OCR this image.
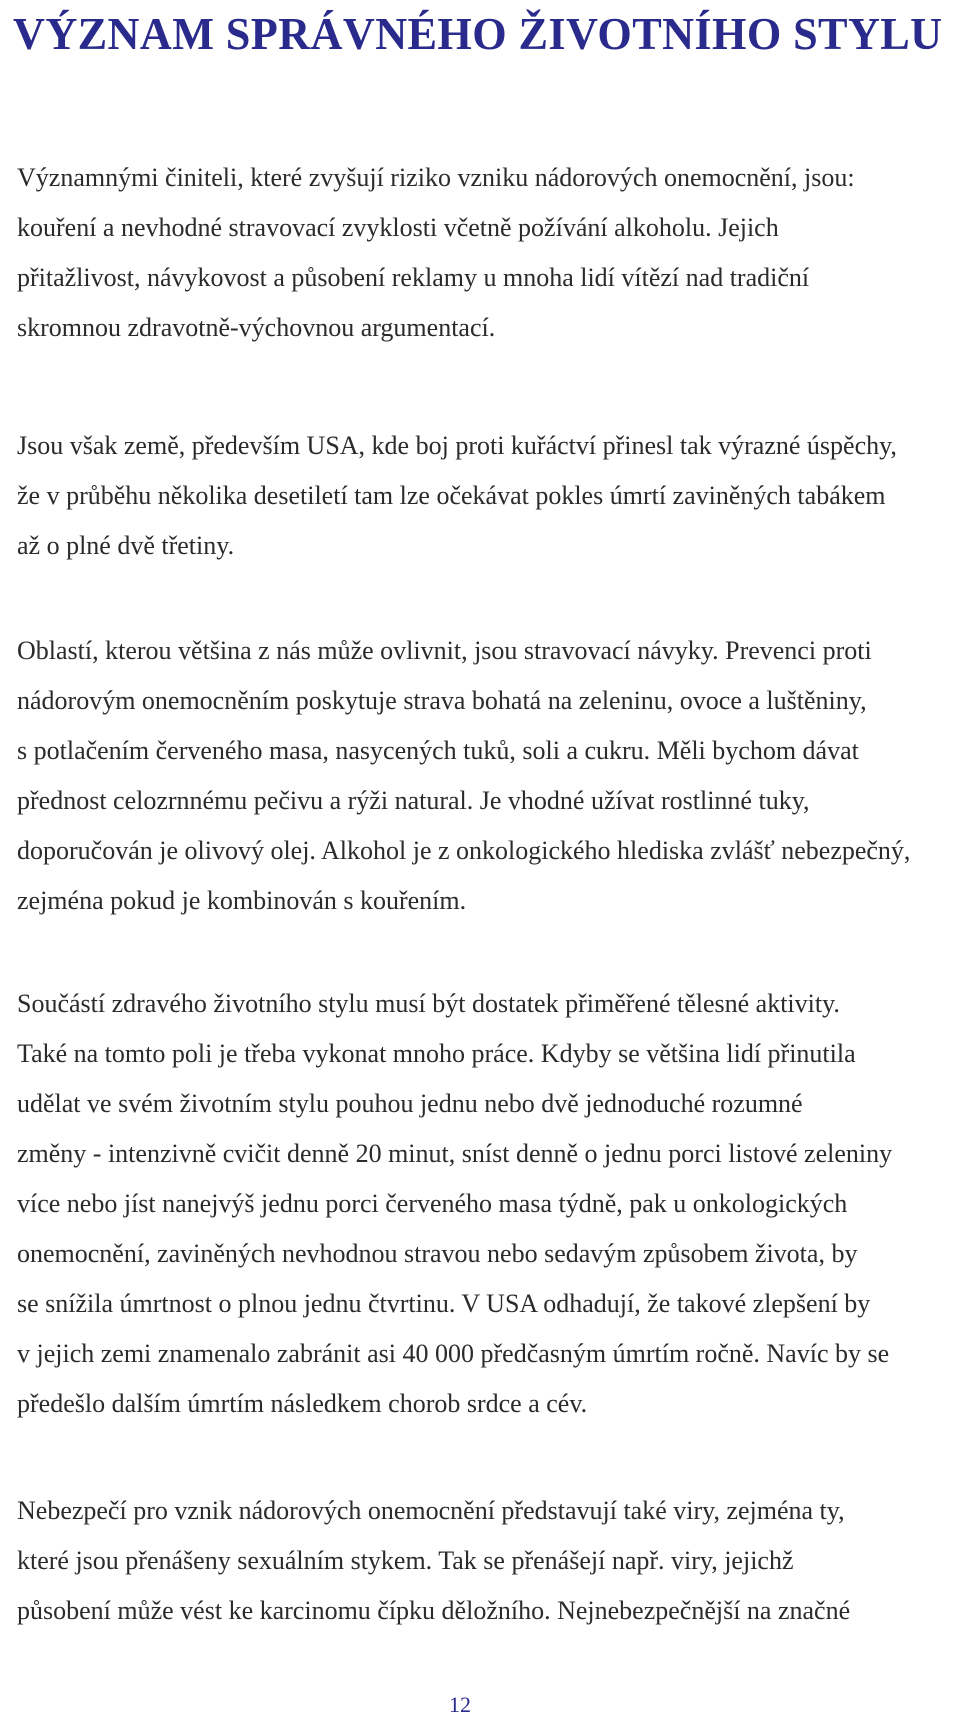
VÝZNAM SPRÁVNÉHO ŽIVOTNÍHO STYLU
Významnými činiteli, které zvyšují riziko vzniku nádorových onemocnění, jsou:
kouření a nevhodné stravovací zvyklosti včetně požívání alkoholu. Jejich
přitažlivost, návykovost a působení reklamy u mnoha lidí vítězí nad tradiční
skromnou zdravotně-výchovnou argumentací.
Jsou však země, především USA, kde boj proti kuřáctví přinesl tak výrazné úspěchy,
že v průběhu několika desetiletí tam lze očekávat pokles úmrtí zaviněných tabákem
až o plné dvě třetiny.
Oblastí, kterou většina z nás může ovlivnit, jsou stravovací návyky. Prevenci proti
nádorovým onemocněním poskytuje strava bohatá na zeleninu, ovoce a luštěniny,
s potlačením červeného masa, nasycených tuků, soli a cukru. Měli bychom dávat
přednost celozrnnému pečivu a rýži natural. Je vhodné užívat rostlinné tuky,
doporučován je olivový olej. Alkohol je z onkologického hlediska zvlášť nebezpečný,
zejména pokud je kombinován s kouřením.
Součástí zdravého životního stylu musí být dostatek přiměřené tělesné aktivity.
Také na tomto poli je třeba vykonat mnoho práce. Kdyby se většina lidí přinutila
udělat ve svém životním stylu pouhou jednu nebo dvě jednoduché rozumné
změny - intenzivně cvičit denně 20 minut, sníst denně o jednu porci listové zeleniny
více nebo jíst nanejvýš jednu porci červeného masa týdně, pak u onkologických
onemocnění, zaviněných nevhodnou stravou nebo sedavým způsobem života, by
se snížila úmrtnost o plnou jednu čtvrtinu. V USA odhadují, že takové zlepšení by
v jejich zemi znamenalo zabránit asi 40 000 předčasným úmrtím ročně. Navíc by se
předešlo dalším úmrtím následkem chorob srdce a cév.
Nebezpečí pro vznik nádorových onemocnění představují také viry, zejména ty,
které jsou přenášeny sexuálním stykem. Tak se přenášejí např. viry, jejichž
působení může vést ke karcinomu čípku děložního. Nejnebezpečnější na značné
12
